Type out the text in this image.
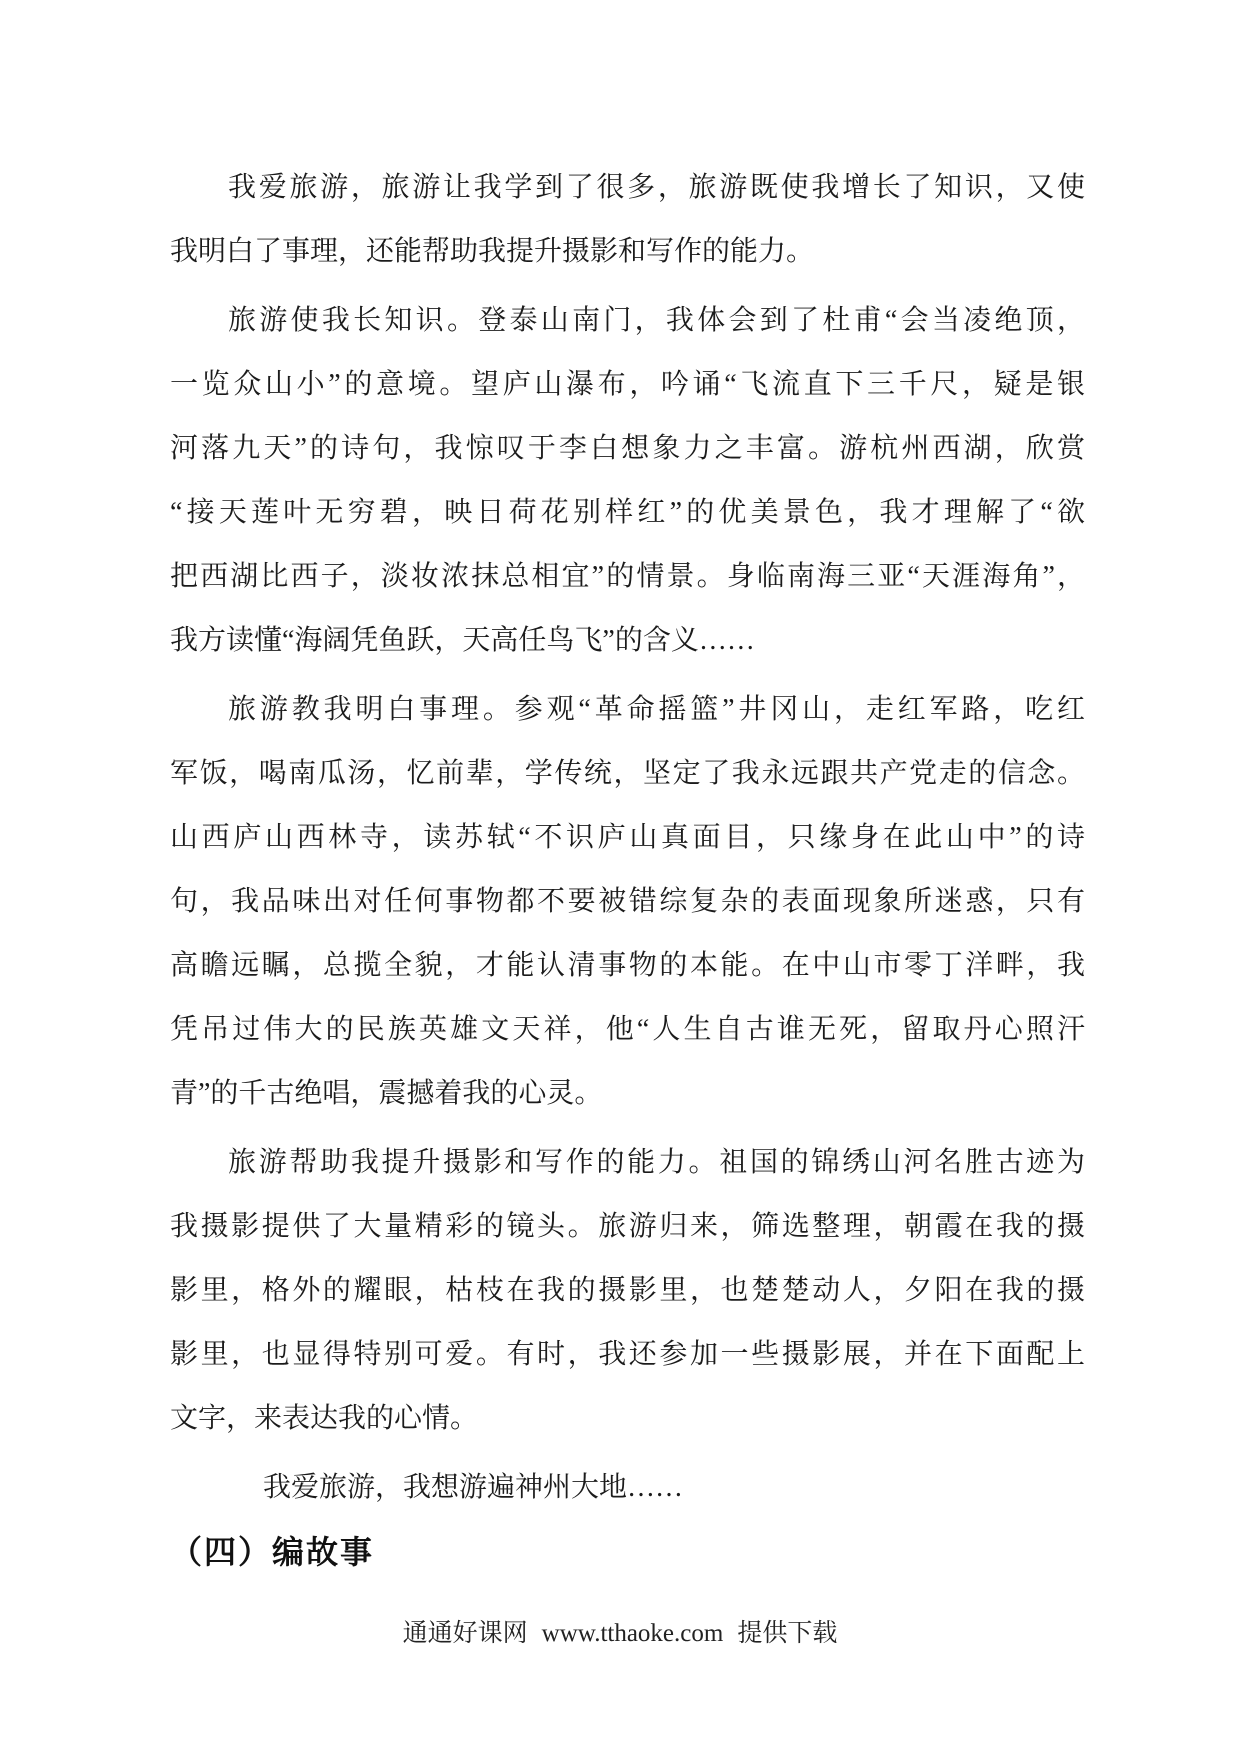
我爱旅游，旅游让我学到了很多，旅游既使我增长了知识，又使
我明白了事理，还能帮助我提升摄影和写作的能力。
旅游使我长知识。登泰山南门，我体会到了杜甫“会当凌绝顶，
一览众山小”的意境。望庐山瀑布，吟诵“飞流直下三千尺，疑是银
河落九天”的诗句，我惊叹于李白想象力之丰富。游杭州西湖，欣赏
“接天莲叶无穷碧，映日荷花别样红”的优美景色，我才理解了“欲
把西湖比西子，淡妆浓抹总相宜”的情景。身临南海三亚“天涯海角”，
我方读懂“海阔凭鱼跃，天高任鸟飞”的含义……
旅游教我明白事理。参观“革命摇篮”井冈山，走红军路，吃红
军饭，喝南瓜汤，忆前辈，学传统，坚定了我永远跟共产党走的信念。
山西庐山西林寺，读苏轼“不识庐山真面目，只缘身在此山中”的诗
句，我品味出对任何事物都不要被错综复杂的表面现象所迷惑，只有
高瞻远瞩，总揽全貌，才能认清事物的本能。在中山市零丁洋畔，我
凭吊过伟大的民族英雄文天祥，他“人生自古谁无死，留取丹心照汗
青”的千古绝唱，震撼着我的心灵。
旅游帮助我提升摄影和写作的能力。祖国的锦绣山河名胜古迹为
我摄影提供了大量精彩的镜头。旅游归来，筛选整理，朝霞在我的摄
影里，格外的耀眼，枯枝在我的摄影里，也楚楚动人，夕阳在我的摄
影里，也显得特别可爱。有时，我还参加一些摄影展，并在下面配上
文字，来表达我的心情。
我爱旅游，我想游遍神州大地……
（四）编故事
通通好课网 www.tthaoke.com 提供下载
